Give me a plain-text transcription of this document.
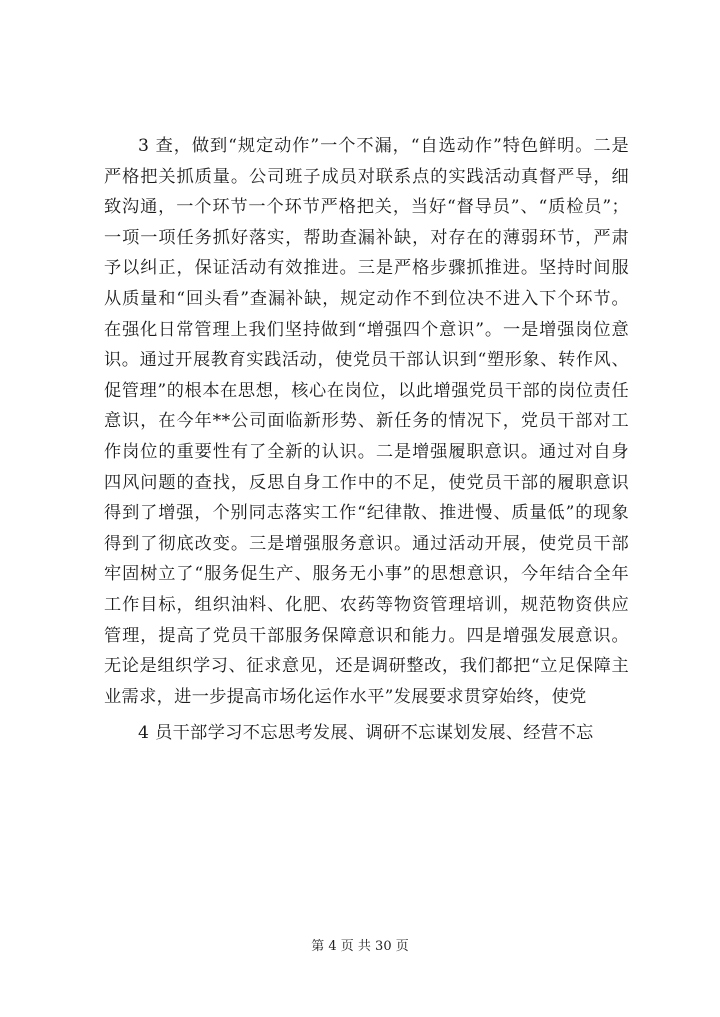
3 查，做到“规定动作”一个不漏，“自选动作”特色鲜明。二是严格把关抓质量。公司班子成员对联系点的实践活动真督严导，细致沟通，一个环节一个环节严格把关，当好“督导员”、“质检员”；一项一项任务抓好落实，帮助查漏补缺，对存在的薄弱环节，严肃予以纠正，保证活动有效推进。三是严格步骤抓推进。坚持时间服从质量和“回头看”查漏补缺，规定动作不到位决不进入下个环节。在强化日常管理上我们坚持做到“增强四个意识”。一是增强岗位意识。通过开展教育实践活动，使党员干部认识到“塑形象、转作风、促管理”的根本在思想，核心在岗位，以此增强党员干部的岗位责任意识，在今年**公司面临新形势、新任务的情况下，党员干部对工作岗位的重要性有了全新的认识。二是增强履职意识。通过对自身四风问题的查找，反思自身工作中的不足，使党员干部的履职意识得到了增强，个别同志落实工作“纪律散、推进慢、质量低”的现象得到了彻底改变。三是增强服务意识。通过活动开展，使党员干部牢固树立了“服务促生产、服务无小事”的思想意识，今年结合全年工作目标，组织油料、化肥、农药等物资管理培训，规范物资供应管理，提高了党员干部服务保障意识和能力。四是增强发展意识。无论是组织学习、征求意见，还是调研整改，我们都把“立足保障主业需求，进一步提高市场化运作水平”发展要求贯穿始终，使党

4 员干部学习不忘思考发展、调研不忘谋划发展、经营不忘

第 4 页 共 30 页
